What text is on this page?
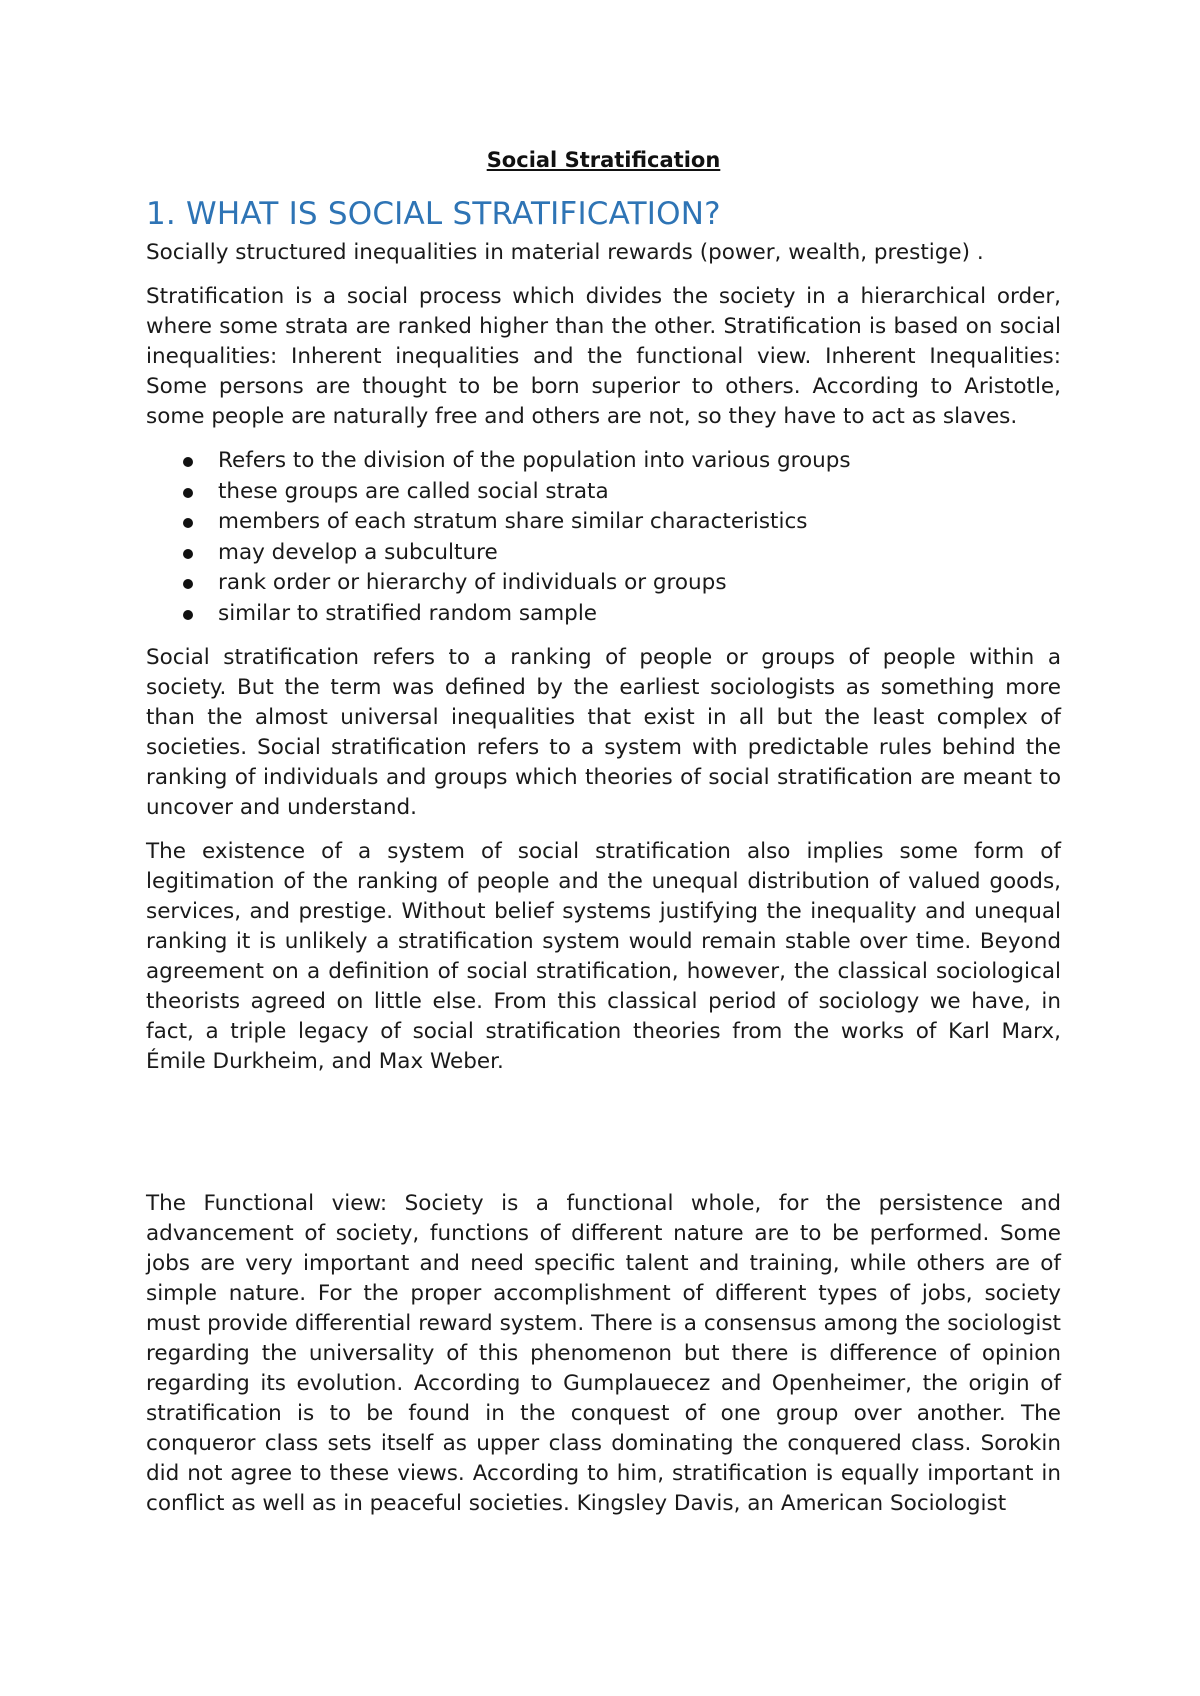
Social Stratification
1. WHAT IS SOCIAL STRATIFICATION?

Socially structured inequalities in material rewards (power, wealth, prestige) .

Stratification is a social process which divides the society in a hierarchical order, where some strata are ranked higher than the other. Stratification is based on social inequalities: Inherent inequalities and the functional view. Inherent Inequalities: Some persons are thought to be born superior to others. According to Aristotle, some people are naturally free and others are not, so they have to act as slaves.

Refers to the division of the population into various groups
these groups are called social strata
members of each stratum share similar characteristics
may develop a subculture
rank order or hierarchy of individuals or groups
similar to stratified random sample

Social stratification refers to a ranking of people or groups of people within a society. But the term was defined by the earliest sociologists as something more than the almost universal inequalities that exist in all but the least complex of societies. Social stratification refers to a system with predictable rules behind the ranking of individuals and groups which theories of social stratification are meant to uncover and understand.

The existence of a system of social stratification also implies some form of legitimation of the ranking of people and the unequal distribution of valued goods, services, and prestige. Without belief systems justifying the inequality and unequal ranking it is unlikely a stratification system would remain stable over time. Beyond agreement on a definition of social stratification, however, the classical sociological theorists agreed on little else. From this classical period of sociology we have, in fact, a triple legacy of social stratification theories from the works of Karl Marx, Émile Durkheim, and Max Weber.

The Functional view: Society is a functional whole, for the persistence and advancement of society, functions of different nature are to be performed. Some jobs are very important and need specific talent and training, while others are of simple nature. For the proper accomplishment of different types of jobs, society must provide differential reward system. There is a consensus among the sociologist regarding the universality of this phenomenon but there is difference of opinion regarding its evolution. According to Gumplauecez and Openheimer, the origin of stratification is to be found in the conquest of one group over another. The conqueror class sets itself as upper class dominating the conquered class. Sorokin did not agree to these views. According to him, stratification is equally important in conflict as well as in peaceful societies. Kingsley Davis, an American Sociologist
